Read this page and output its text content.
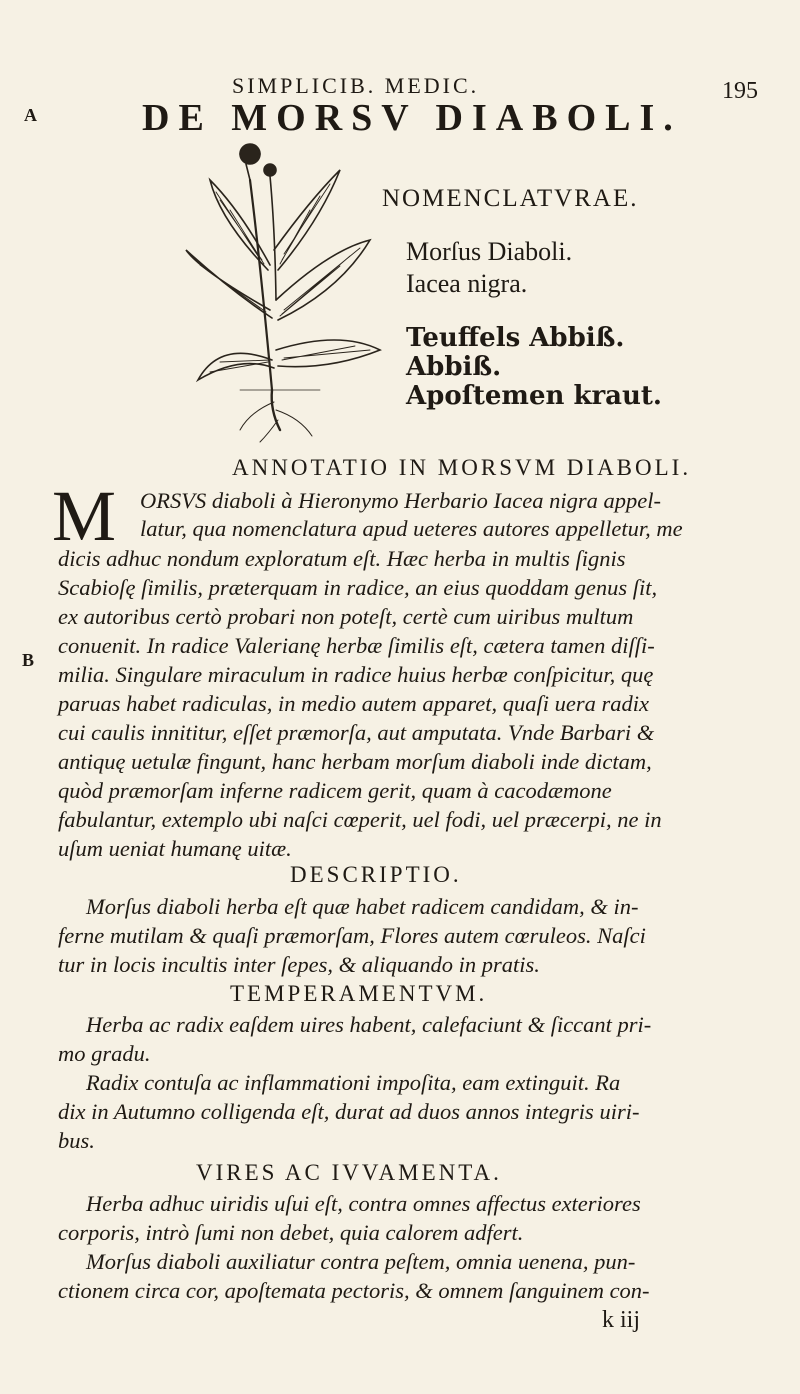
SIMPLICIB. MEDIC.	195
A	DE MORSV DIABOLI.
NOMENCLATVRAE.
Morſus Diaboli.
Iacea nigra.
Teuffels Abbiß.
Abbiß.
Apoſtemen kraut.
ANNOTATIO IN MORSVM DIABOLI.
M
B
ORSVS diaboli à Hieronymo Herbario Iacea nigra appel-
latur, qua nomenclatura apud ueteres autores appelletur, me
dicis adhuc nondum exploratum eſt. Hæc herba in multis ſignis
Scabioſę ſimilis, præterquam in radice, an eius quoddam genus ſit,
ex autoribus certò probari non poteſt, certè cum uiribus multum
conuenit. In radice Valerianę herbæ ſimilis eſt, cætera tamen diſſi-
milia. Singulare miraculum in radice huius herbæ conſpicitur, quę
paruas habet radiculas, in medio autem apparet, quaſi uera radix
cui caulis innititur, eſſet præmorſa, aut amputata. Vnde Barbari &
antiquę uetulæ fingunt, hanc herbam morſum diaboli inde dictam,
quòd præmorſam inferne radicem gerit, quam à cacodæmone
fabulantur, extemplo ubi naſci cœperit, uel fodi, uel præcerpi, ne in
uſum ueniat humanę uitæ.
DESCRIPTIO.
Morſus diaboli herba eſt quæ habet radicem candidam, & in-
ferne mutilam & quaſi præmorſam, Flores autem cœruleos. Naſci
tur in locis incultis inter ſepes, & aliquando in pratis.
TEMPERAMENTVM.
Herba ac radix eaſdem uires habent, calefaciunt & ſiccant pri-
mo gradu.
Radix contuſa ac inflammationi impoſita, eam extinguit. Ra
dix in Autumno colligenda eſt, durat ad duos annos integris uiri-
bus.
VIRES AC IVVAMENTA.
Herba adhuc uiridis uſui eſt, contra omnes affectus exteriores
corporis, intrò ſumi non debet, quia calorem adfert.
Morſus diaboli auxiliatur contra peſtem, omnia uenena, pun-
ctionem circa cor, apoſtemata pectoris, & omnem ſanguinem con-
k iij
